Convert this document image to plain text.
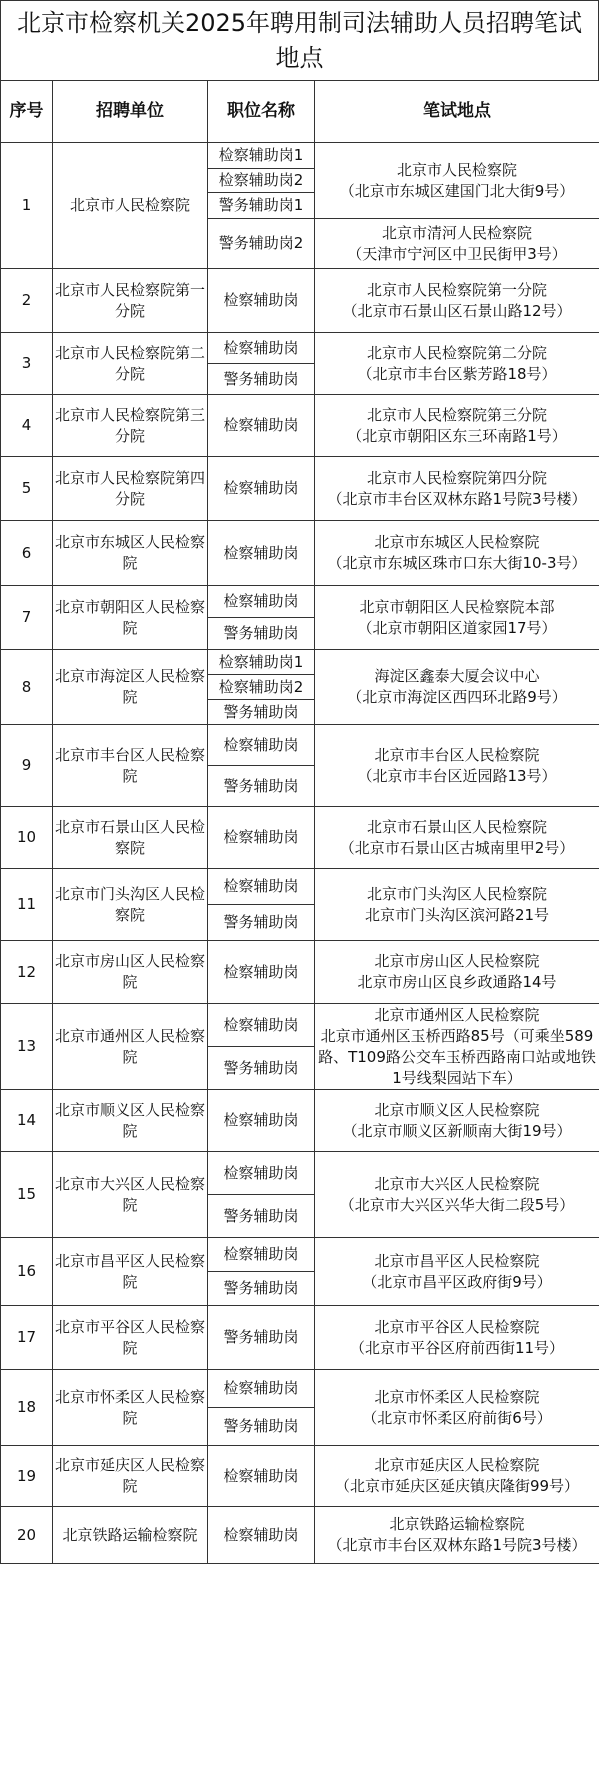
北京市检察机关2025年聘用制司法辅助人员招聘笔试地点
序号	招聘单位	职位名称	笔试地点
1	北京市人民检察院	检察辅助岗1	北京市人民检察院
（北京市东城区建国门北大街9号）

		检察辅助岗2	
		警务辅助岗1	
		警务辅助岗2	北京市清河人民检察院
（天津市宁河区中卫民街甲3号）

2	北京市人民检察院第一分院	检察辅助岗	北京市人民检察院第一分院
（北京市石景山区石景山路12号）

3	北京市人民检察院第二分院	检察辅助岗	北京市人民检察院第二分院
（北京市丰台区紫芳路18号）

		警务辅助岗	
4	北京市人民检察院第三分院	检察辅助岗	北京市人民检察院第三分院
（北京市朝阳区东三环南路1号）

5	北京市人民检察院第四分院	检察辅助岗	北京市人民检察院第四分院
（北京市丰台区双林东路1号院3号楼）

6	北京市东城区人民检察院	检察辅助岗	北京市东城区人民检察院
（北京市东城区珠市口东大街10-3号）

7	北京市朝阳区人民检察院	检察辅助岗	北京市朝阳区人民检察院本部
（北京市朝阳区道家园17号）

		警务辅助岗	
8	北京市海淀区人民检察院	检察辅助岗1	海淀区鑫泰大厦会议中心
（北京市海淀区西四环北路9号）

		检察辅助岗2	
		警务辅助岗	
9	北京市丰台区人民检察院	检察辅助岗	北京市丰台区人民检察院
（北京市丰台区近园路13号）

		警务辅助岗	
10	北京市石景山区人民检察院	检察辅助岗	北京市石景山区人民检察院
（北京市石景山区古城南里甲2号）

11	北京市门头沟区人民检察院	检察辅助岗	北京市门头沟区人民检察院
北京市门头沟区滨河路21号

		警务辅助岗	
12	北京市房山区人民检察院	检察辅助岗	北京市房山区人民检察院
北京市房山区良乡政通路14号

13	北京市通州区人民检察院	检察辅助岗	北京市通州区人民检察院
北京市通州区玉桥西路85号（可乘坐589路、T109路公交车玉桥西路南口站或地铁1号线梨园站下车）

		警务辅助岗	
14	北京市顺义区人民检察院	检察辅助岗	北京市顺义区人民检察院
（北京市顺义区新顺南大街19号）

15	北京市大兴区人民检察院	检察辅助岗	北京市大兴区人民检察院
（北京市大兴区兴华大街二段5号）

		警务辅助岗	
16	北京市昌平区人民检察院	检察辅助岗	北京市昌平区人民检察院
（北京市昌平区政府街9号）

		警务辅助岗	
17	北京市平谷区人民检察院	警务辅助岗	北京市平谷区人民检察院
（北京市平谷区府前西街11号）

18	北京市怀柔区人民检察院	检察辅助岗	北京市怀柔区人民检察院
（北京市怀柔区府前街6号）

		警务辅助岗	
19	北京市延庆区人民检察院	检察辅助岗	北京市延庆区人民检察院
（北京市延庆区延庆镇庆隆街99号）

20	北京铁路运输检察院	检察辅助岗	北京铁路运输检察院
（北京市丰台区双林东路1号院3号楼）
